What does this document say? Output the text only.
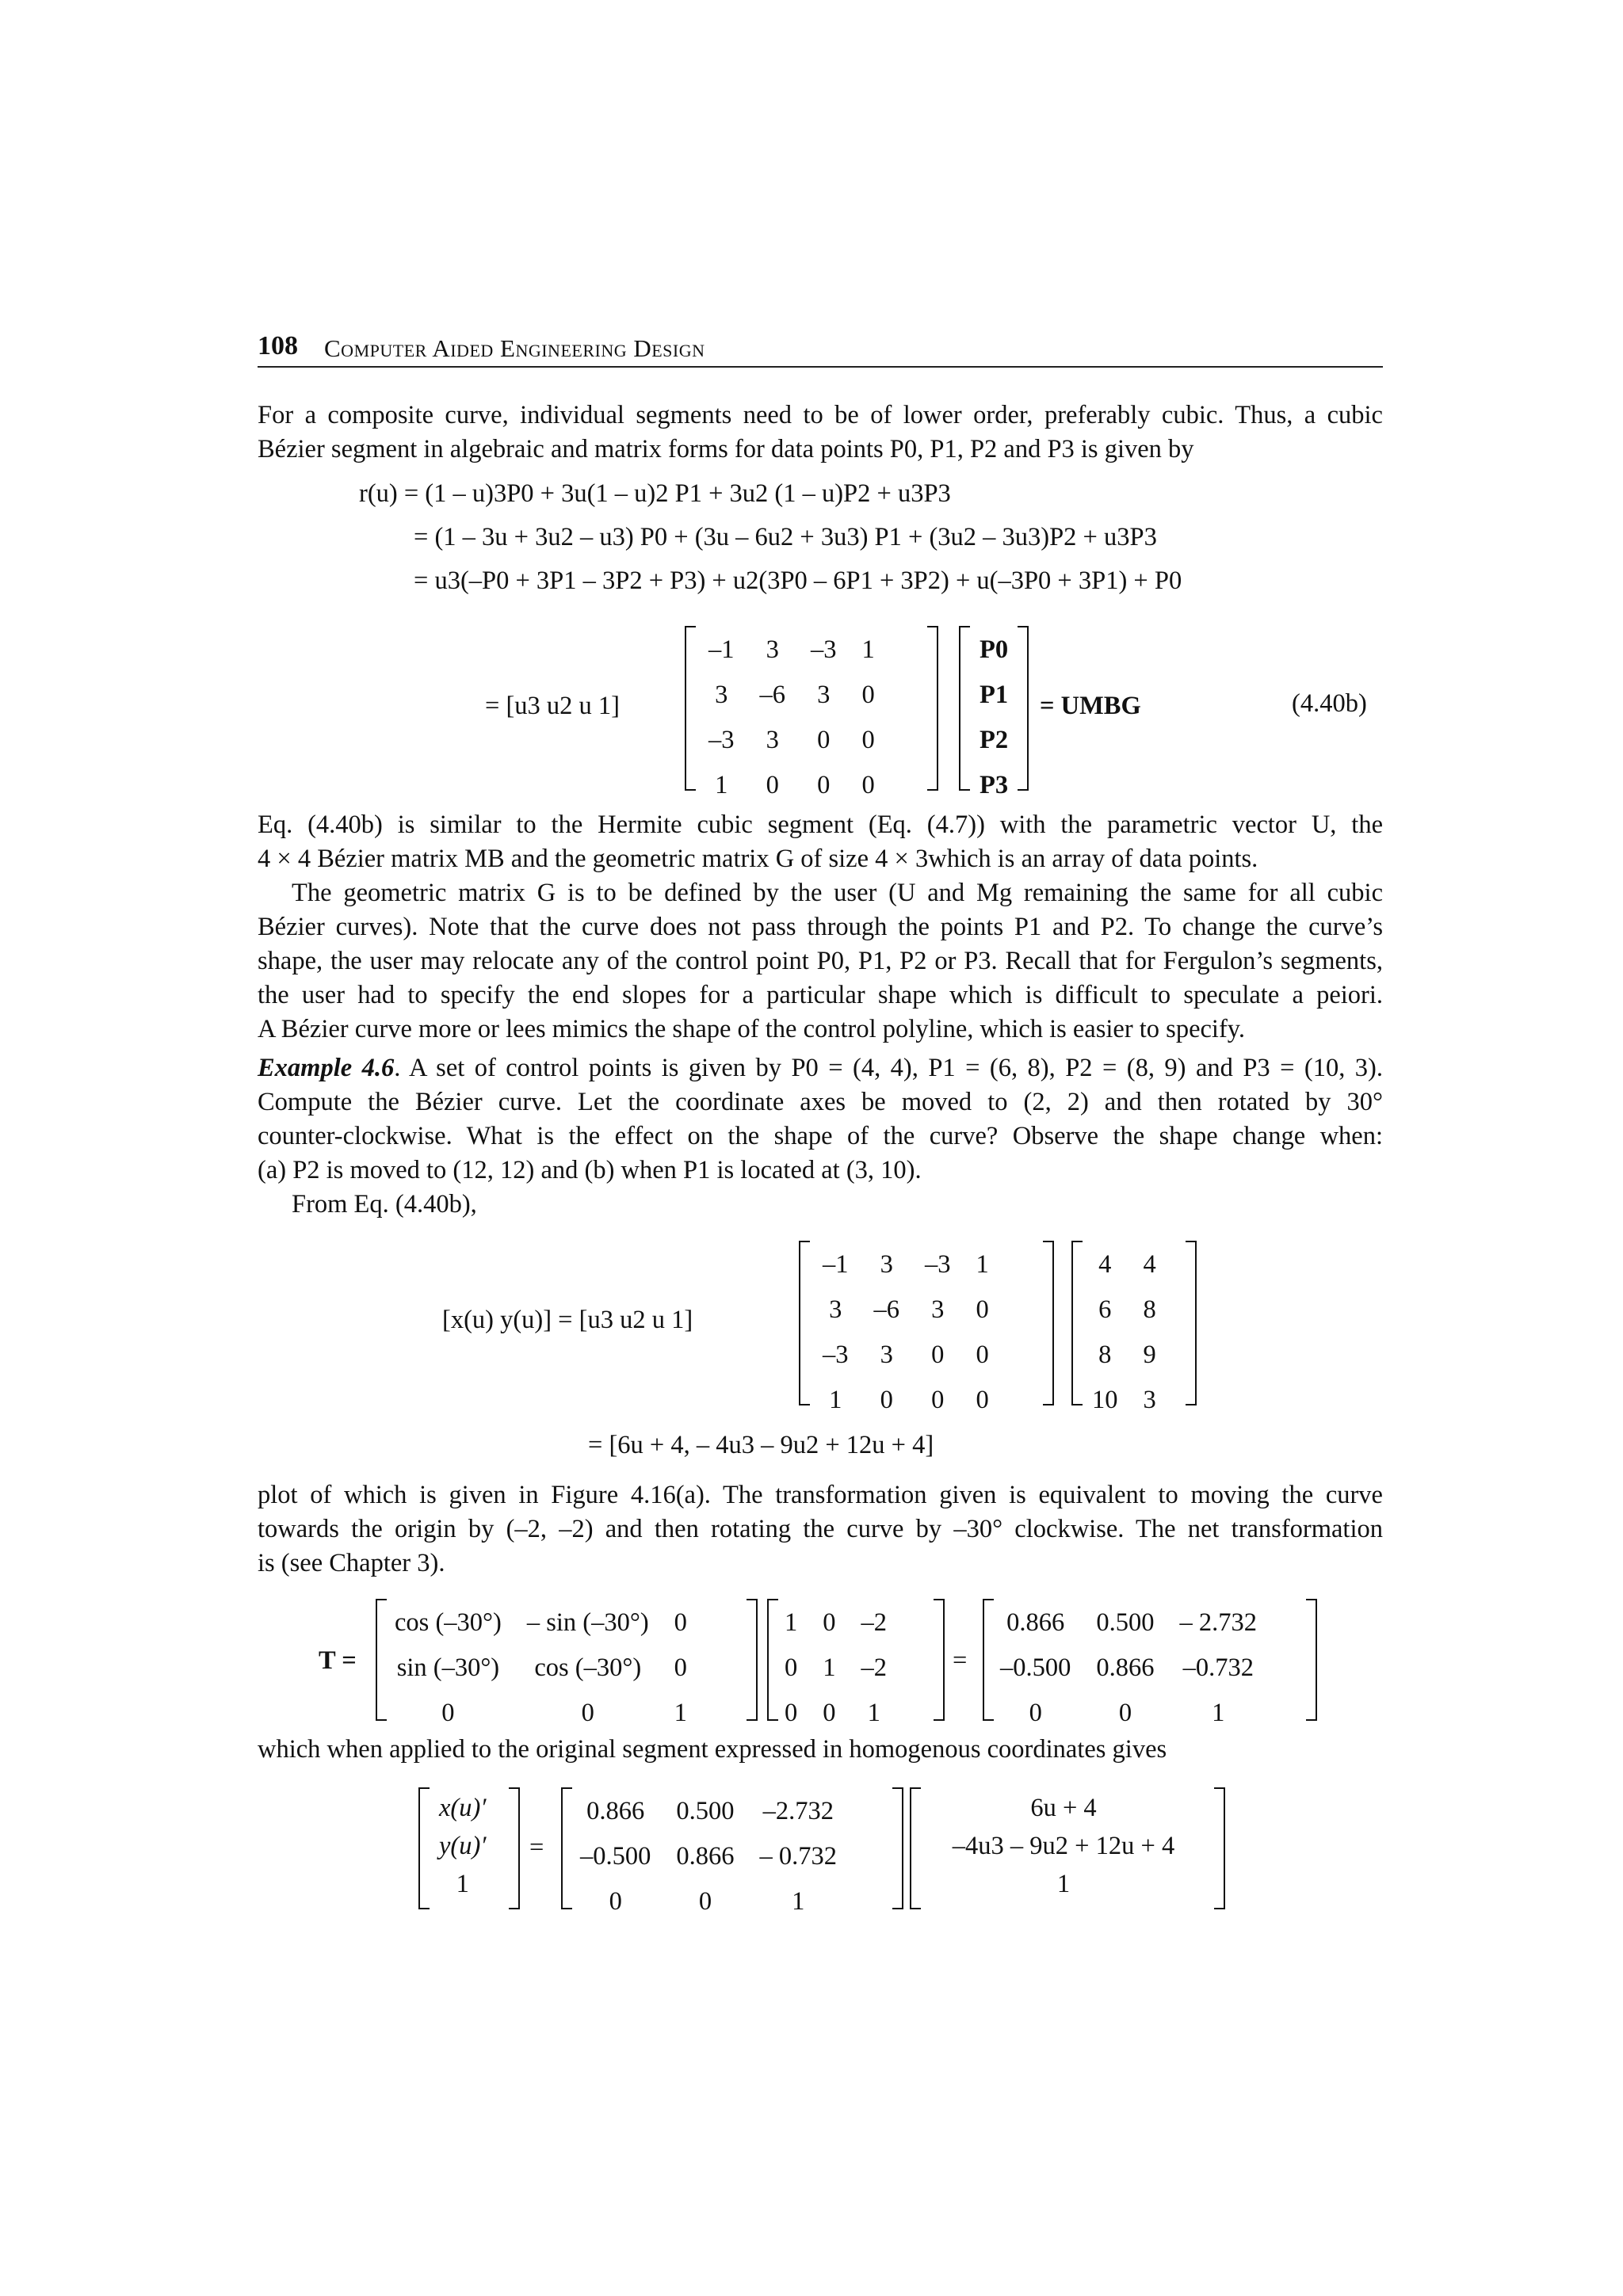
108 Computer Aided Engineering Design
For a composite curve, individual segments need to be of lower order, preferably cubic. Thus, a cubic
Bézier segment in algebraic and matrix forms for data points P0, P1, P2 and P3 is given by
r(u) = (1 – u)3P0 + 3u(1 – u)2 P1 + 3u2 (1 – u)P2 + u3P3
= (1 – 3u + 3u2 – u3) P0 + (3u – 6u2 + 3u3) P1 + (3u2 – 3u3)P2 + u3P3
= u3(–P0 + 3P1 – 3P2 + P3) + u2(3P0 – 6P1 + 3P2) + u(–3P0 + 3P1) + P0
= [u3 u2 u 1]
–1	3	–3	1
3	–6	3	0
–3	3	0	0
1	0	0	0
P0
P1
P2
P3
= UMBG	(4.40b)
Eq. (4.40b) is similar to the Hermite cubic segment (Eq. (4.7)) with the parametric vector U, the
4 × 4 Bézier matrix MB and the geometric matrix G of size 4 × 3which is an array of data points.
The geometric matrix G is to be defined by the user (U and Mg remaining the same for all cubic
Bézier curves). Note that the curve does not pass through the points P1 and P2. To change the curve’s
shape, the user may relocate any of the control point P0, P1, P2 or P3. Recall that for Fergulon’s segments,
the user had to specify the end slopes for a particular shape which is difficult to speculate a peiori.
A Bézier curve more or lees mimics the shape of the control polyline, which is easier to specify.
Example 4.6. A set of control points is given by P0 = (4, 4), P1 = (6, 8), P2 = (8, 9) and P3 = (10, 3).
Compute the Bézier curve. Let the coordinate axes be moved to (2, 2) and then rotated by 30°
counter-clockwise. What is the effect on the shape of the curve? Observe the shape change when:
(a) P2 is moved to (12, 12) and (b) when P1 is located at (3, 10).
From Eq. (4.40b),
[x(u) y(u)] = [u3 u2 u 1]
–1	3	–3	1
3	–6	3	0
–3	3	0	0
1	0	0	0
4	4
6	8
8	9
10	3
= [6u + 4, – 4u3 – 9u2 + 12u + 4]
plot of which is given in Figure 4.16(a). The transformation given is equivalent to moving the curve
towards the origin by (–2, –2) and then rotating the curve by –30° clockwise. The net transformation
is (see Chapter 3).
T =
cos (–30°)	– sin (–30°)	0
sin (–30°)	cos (–30°)	0
0	0	1
1	0	–2
0	1	–2
0	0	1
=
0.866	0.500	– 2.732
–0.500	0.866	–0.732
0	0	1
which when applied to the original segment expressed in homogenous coordinates gives
x(u)′
y(u)′
1
=
0.866	0.500	–2.732
–0.500	0.866	– 0.732
0	0	1
6u + 4
–4u3 – 9u2 + 12u + 4
1
